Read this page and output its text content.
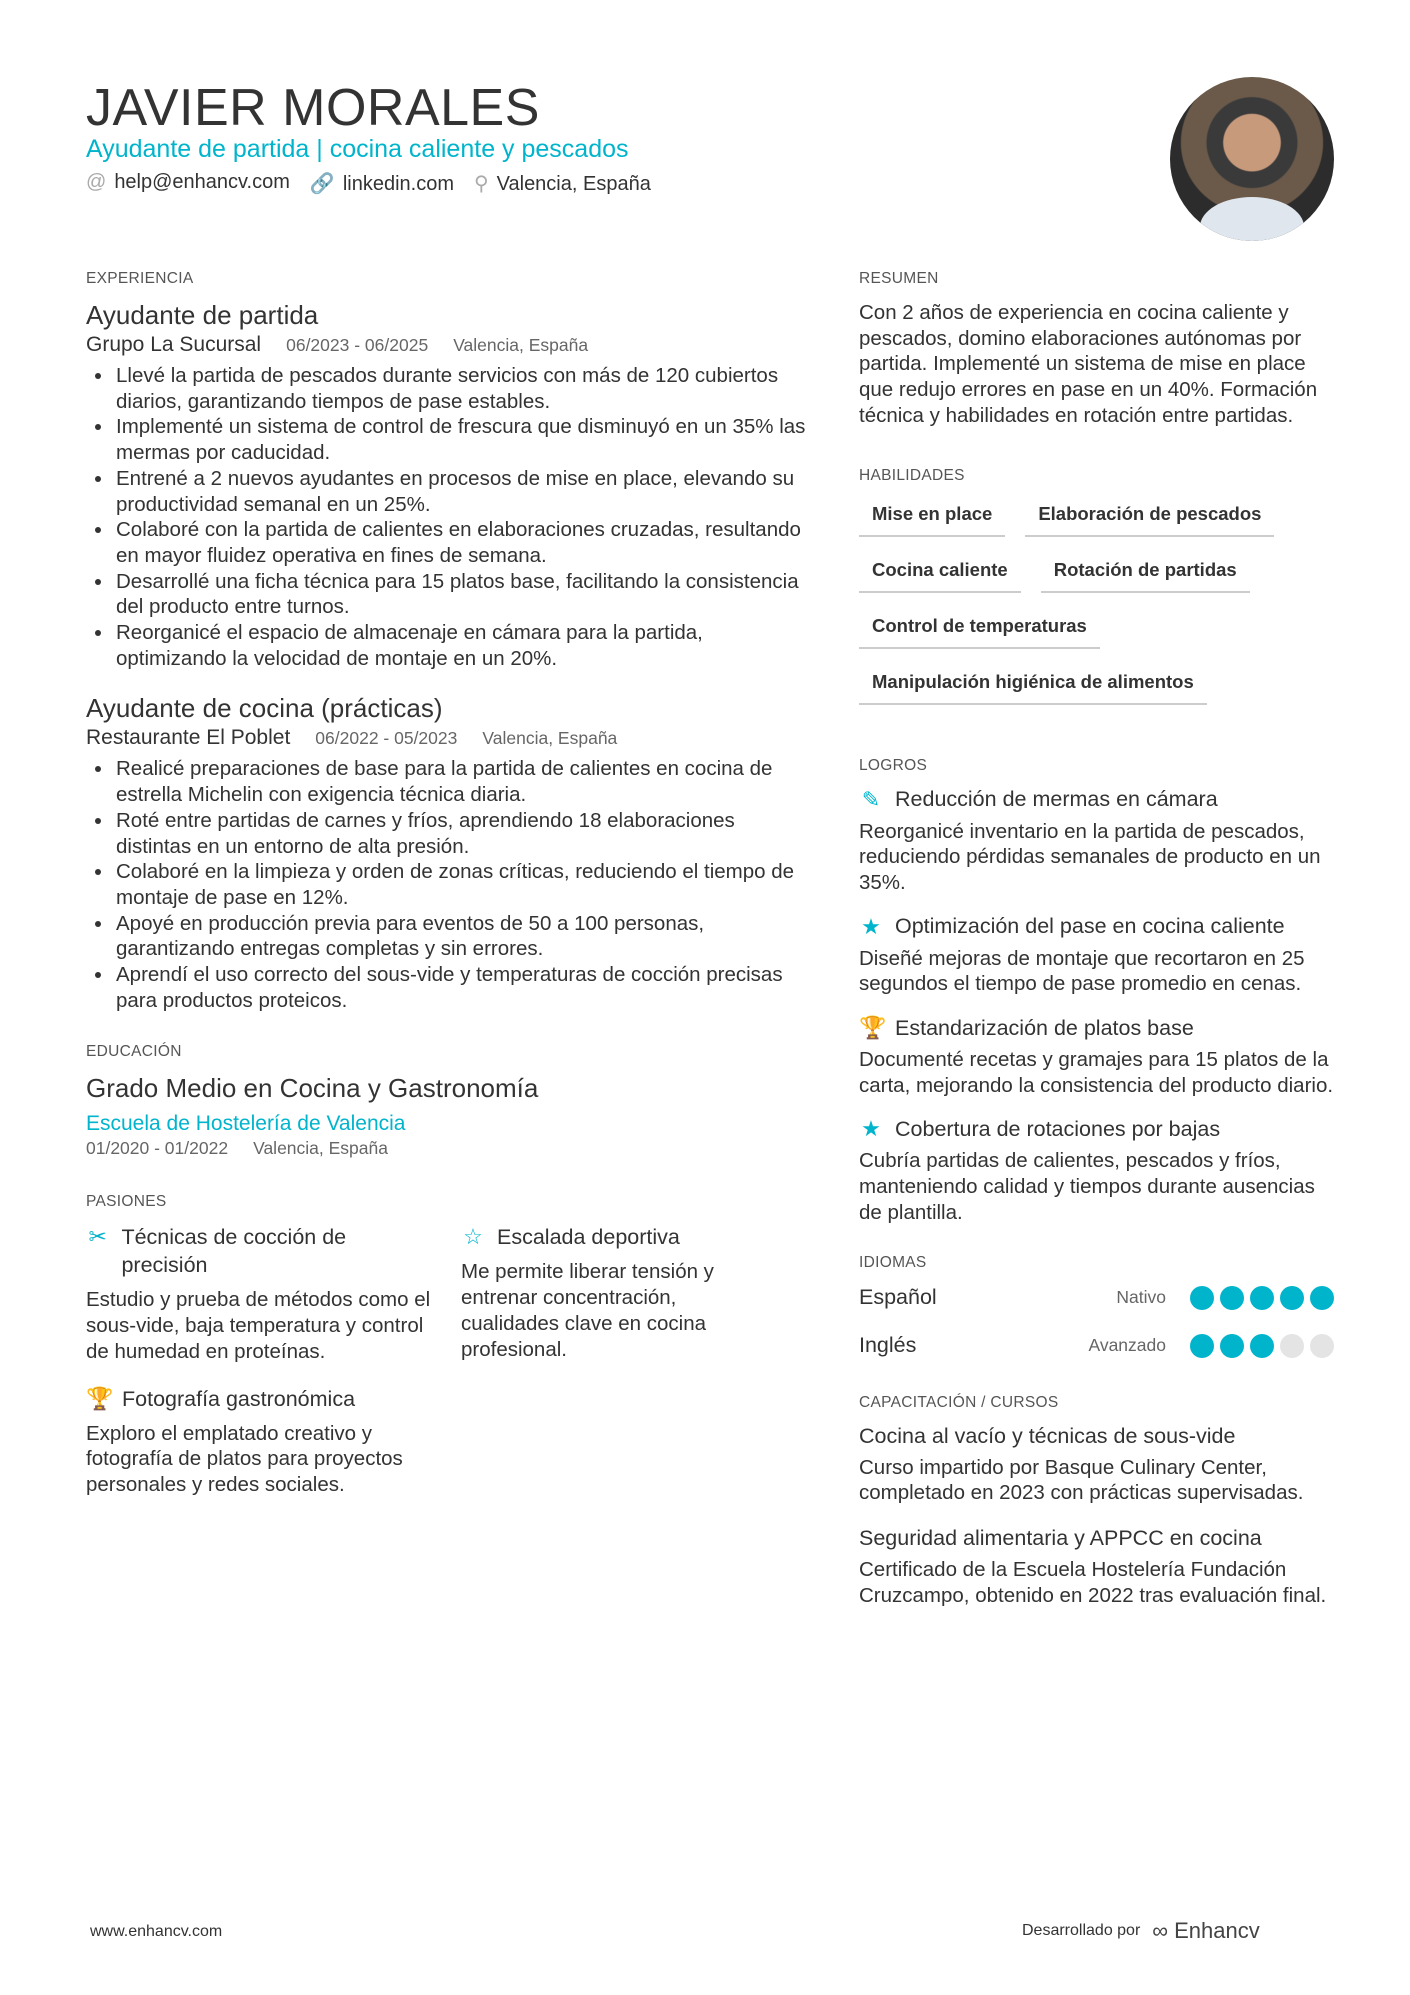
JAVIER MORALES
Ayudante de partida | cocina caliente y pescados
@ help@enhancv.com 🔗 linkedin.com ⚲ Valencia, España
EXPERIENCIA
Ayudante de partida
Grupo La Sucursal 06/2023 - 06/2025 Valencia, España
• Llevé la partida de pescados durante servicios con más de 120 cubiertos diarios, garantizando tiempos de pase estables.
• Implementé un sistema de control de frescura que disminuyó en un 35% las mermas por caducidad.
• Entrené a 2 nuevos ayudantes en procesos de mise en place, elevando su productividad semanal en un 25%.
• Colaboré con la partida de calientes en elaboraciones cruzadas, resultando en mayor fluidez operativa en fines de semana.
• Desarrollé una ficha técnica para 15 platos base, facilitando la consistencia del producto entre turnos.
• Reorganicé el espacio de almacenaje en cámara para la partida, optimizando la velocidad de montaje en un 20%.
Ayudante de cocina (prácticas)
Restaurante El Poblet 06/2022 - 05/2023 Valencia, España
• Realicé preparaciones de base para la partida de calientes en cocina de estrella Michelin con exigencia técnica diaria.
• Roté entre partidas de carnes y fríos, aprendiendo 18 elaboraciones distintas en un entorno de alta presión.
• Colaboré en la limpieza y orden de zonas críticas, reduciendo el tiempo de montaje de pase en 12%.
• Apoyé en producción previa para eventos de 50 a 100 personas, garantizando entregas completas y sin errores.
• Aprendí el uso correcto del sous-vide y temperaturas de cocción precisas para productos proteicos.
EDUCACIÓN
Grado Medio en Cocina y Gastronomía
Escuela de Hostelería de Valencia
01/2020 - 01/2022 Valencia, España
PASIONES
✂ Técnicas de cocción de precisión

Estudio y prueba de métodos como el sous-vide, baja temperatura y control de humedad en proteínas.

☆ Escalada deportiva

Me permite liberar tensión y entrenar concentración, cualidades clave en cocina profesional.

🏆 Fotografía gastronómica

Exploro el emplatado creativo y fotografía de platos para proyectos personales y redes sociales.

RESUMEN

Con 2 años de experiencia en cocina caliente y pescados, domino elaboraciones autónomas por partida. Implementé un sistema de mise en place que redujo errores en pase en un 40%. Formación técnica y habilidades en rotación entre partidas.

HABILIDADES
Mise en place	Elaboración de pescados
Cocina caliente	Rotación de partidas
Control de temperaturas
Manipulación higiénica de alimentos
LOGROS
✎ Reducción de mermas en cámara

Reorganicé inventario en la partida de pescados, reduciendo pérdidas semanales de producto en un 35%.

★ Optimización del pase en cocina caliente

Diseñé mejoras de montaje que recortaron en 25 segundos el tiempo de pase promedio en cenas.

🏆 Estandarización de platos base

Documenté recetas y gramajes para 15 platos de la carta, mejorando la consistencia del producto diario.

★ Cobertura de rotaciones por bajas

Cubría partidas de calientes, pescados y fríos, manteniendo calidad y tiempos durante ausencias de plantilla.

IDIOMAS
Español	Nativo
Inglés	Avanzado
CAPACITACIÓN / CURSOS
Cocina al vacío y técnicas de sous-vide

Curso impartido por Basque Culinary Center, completado en 2023 con prácticas supervisadas.

Seguridad alimentaria y APPCC en cocina

Certificado de la Escuela Hostelería Fundación Cruzcampo, obtenido en 2022 tras evaluación final.

www.enhancv.com	Desarrollado por ∞ Enhancv
